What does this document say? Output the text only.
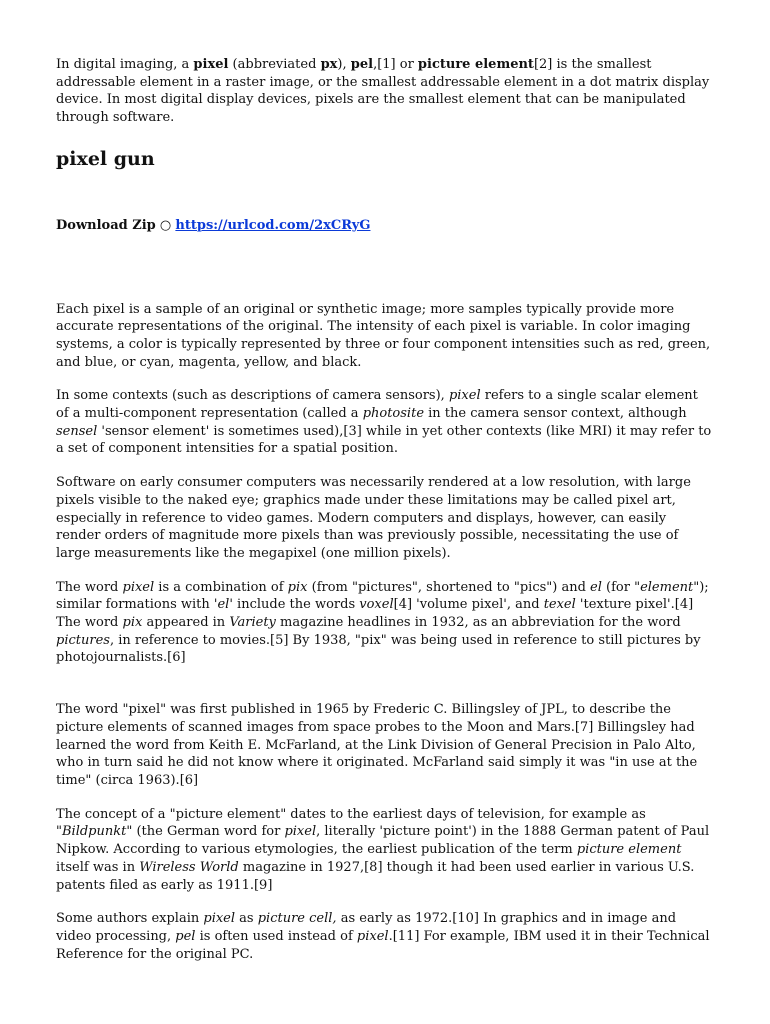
In digital imaging, a pixel (abbreviated px), pel,[1] or picture element[2] is the smallest addressable element in a raster image, or the smallest addressable element in a dot matrix display device. In most digital display devices, pixels are the smallest element that can be manipulated through software.

pixel gun
Download Zip ○ https://urlcod.com/2xCRyG

Each pixel is a sample of an original or synthetic image; more samples typically provide more accurate representations of the original. The intensity of each pixel is variable. In color imaging systems, a color is typically represented by three or four component intensities such as red, green, and blue, or cyan, magenta, yellow, and black.

In some contexts (such as descriptions of camera sensors), pixel refers to a single scalar element of a multi-component representation (called a photosite in the camera sensor context, although sensel 'sensor element' is sometimes used),[3] while in yet other contexts (like MRI) it may refer to a set of component intensities for a spatial position.

Software on early consumer computers was necessarily rendered at a low resolution, with large pixels visible to the naked eye; graphics made under these limitations may be called pixel art, especially in reference to video games. Modern computers and displays, however, can easily render orders of magnitude more pixels than was previously possible, necessitating the use of large measurements like the megapixel (one million pixels).

The word pixel is a combination of pix (from "pictures", shortened to "pics") and el (for "element"); similar formations with 'el' include the words voxel[4] 'volume pixel', and texel 'texture pixel'.[4] The word pix appeared in Variety magazine headlines in 1932, as an abbreviation for the word pictures, in reference to movies.[5] By 1938, "pix" was being used in reference to still pictures by photojournalists.[6]

The word "pixel" was first published in 1965 by Frederic C. Billingsley of JPL, to describe the picture elements of scanned images from space probes to the Moon and Mars.[7] Billingsley had learned the word from Keith E. McFarland, at the Link Division of General Precision in Palo Alto, who in turn said he did not know where it originated. McFarland said simply it was "in use at the time" (circa 1963).[6]

The concept of a "picture element" dates to the earliest days of television, for example as "Bildpunkt" (the German word for pixel, literally 'picture point') in the 1888 German patent of Paul Nipkow. According to various etymologies, the earliest publication of the term picture element itself was in Wireless World magazine in 1927,[8] though it had been used earlier in various U.S. patents filed as early as 1911.[9]

Some authors explain pixel as picture cell, as early as 1972.[10] In graphics and in image and video processing, pel is often used instead of pixel.[11] For example, IBM used it in their Technical Reference for the original PC.
